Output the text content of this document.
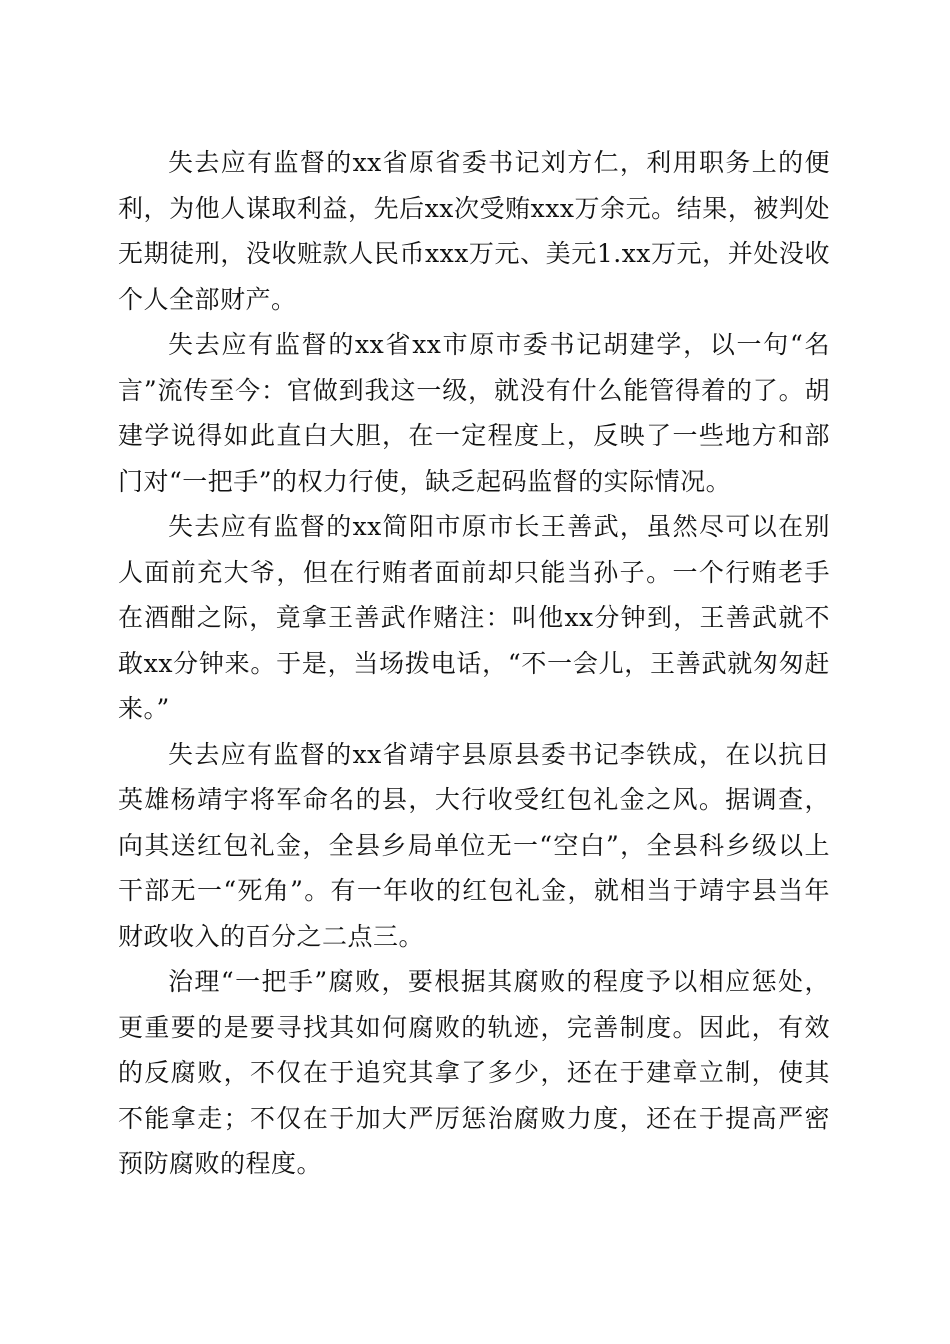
失去应有监督的xx省原省委书记刘方仁，利用职务上的便利，为他人谋取利益，先后xx次受贿xxx万余元。结果，被判处无期徒刑，没收赃款人民币xxx万元、美元1.xx万元，并处没收个人全部财产。

失去应有监督的xx省xx市原市委书记胡建学，以一句“名言”流传至今：官做到我这一级，就没有什么能管得着的了。胡建学说得如此直白大胆，在一定程度上，反映了一些地方和部门对“一把手”的权力行使，缺乏起码监督的实际情况。

失去应有监督的xx简阳市原市长王善武，虽然尽可以在别人面前充大爷，但在行贿者面前却只能当孙子。一个行贿老手在酒酣之际，竟拿王善武作赌注：叫他xx分钟到，王善武就不敢xx分钟来。于是，当场拨电话，“不一会儿，王善武就匆匆赶来。”

失去应有监督的xx省靖宇县原县委书记李铁成，在以抗日英雄杨靖宇将军命名的县，大行收受红包礼金之风。据调查，向其送红包礼金，全县乡局单位无一“空白”，全县科乡级以上干部无一“死角”。有一年收的红包礼金，就相当于靖宇县当年财政收入的百分之二点三。

治理“一把手”腐败，要根据其腐败的程度予以相应惩处，更重要的是要寻找其如何腐败的轨迹，完善制度。因此，有效的反腐败，不仅在于追究其拿了多少，还在于建章立制，使其不能拿走；不仅在于加大严厉惩治腐败力度，还在于提高严密预防腐败的程度。
